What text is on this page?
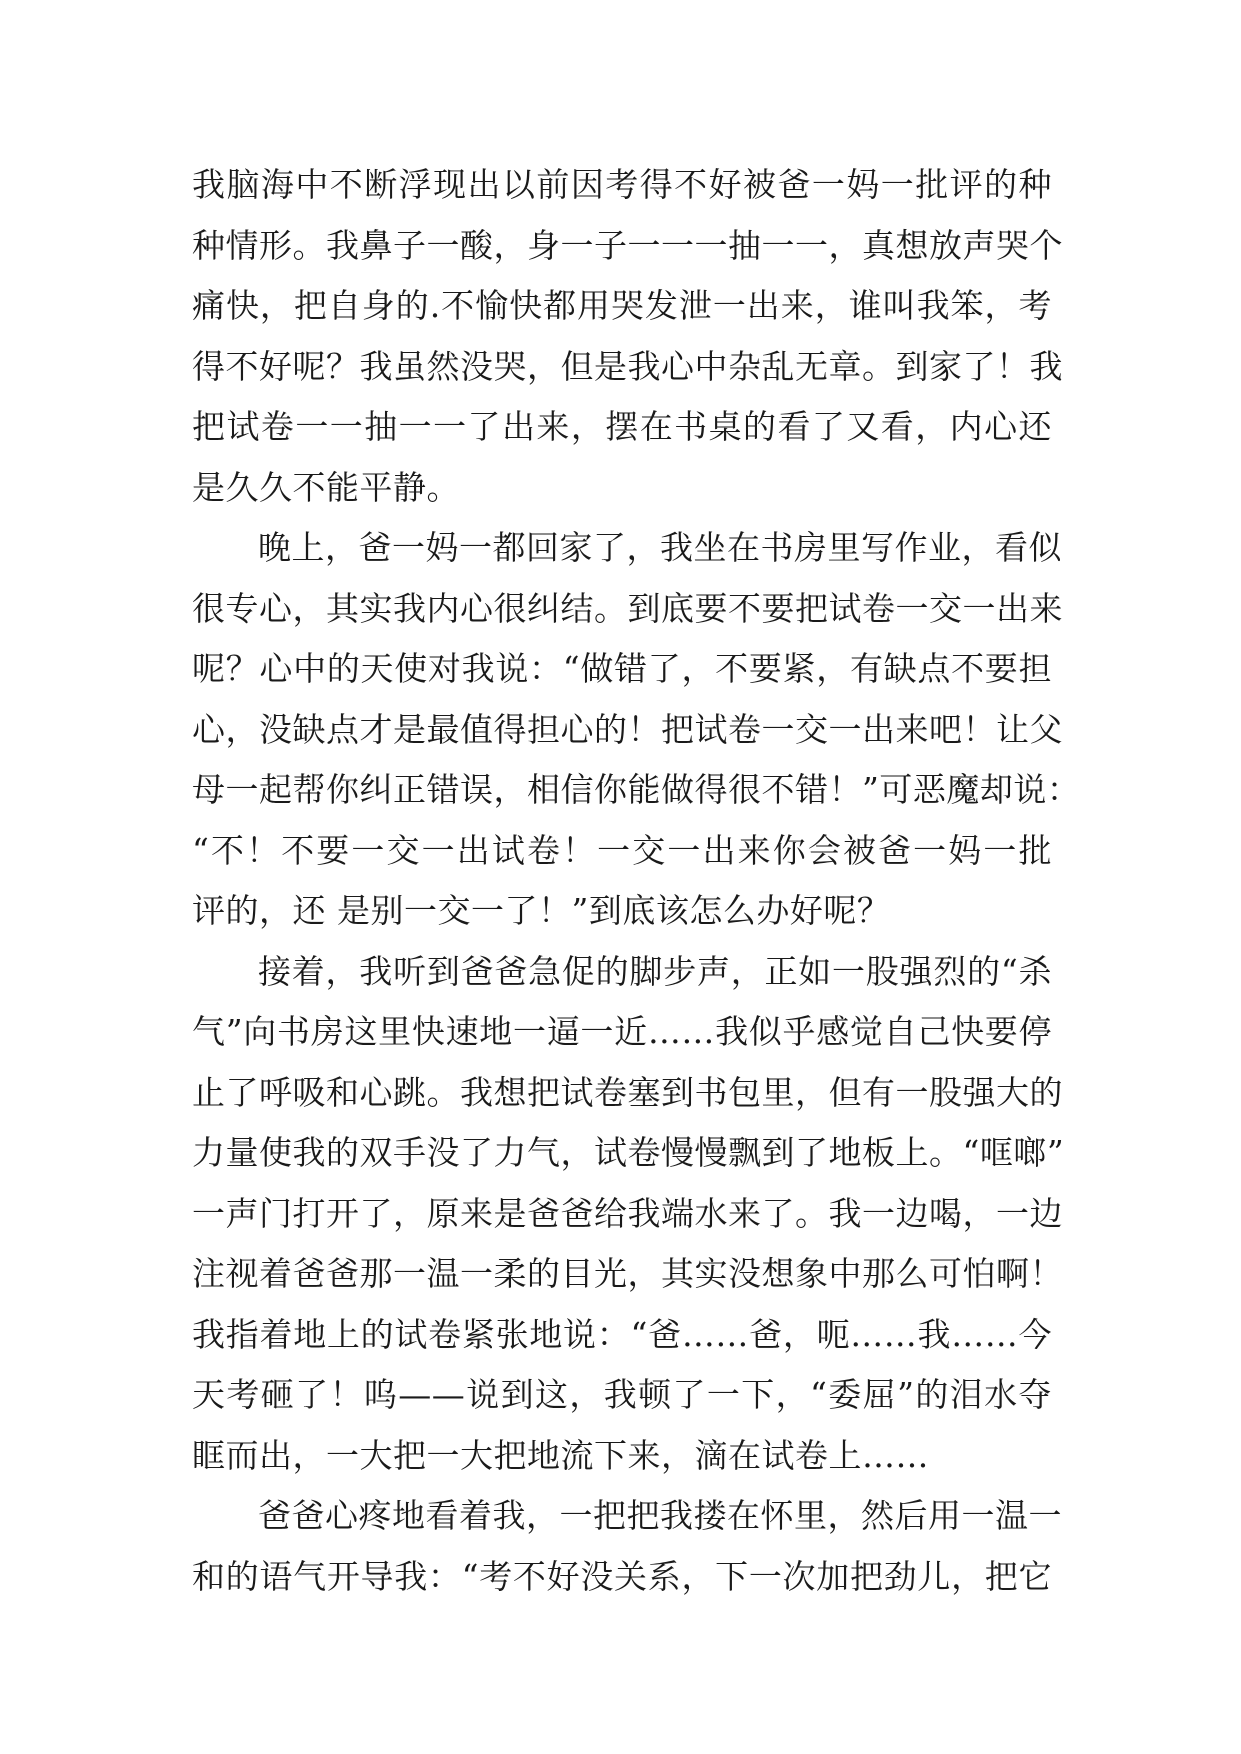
我脑海中不断浮现出以前因考得不好被爸一妈一批评的种
种情形。我鼻子一酸，身一子一一一抽一一，真想放声哭个
痛快，把自身的.不愉快都用哭发泄一出来，谁叫我笨，考
得不好呢？我虽然没哭，但是我心中杂乱无章。到家了！我
把试卷一一抽一一了出来，摆在书桌的看了又看，内心还
是久久不能平静。
晚上，爸一妈一都回家了，我坐在书房里写作业，看似
很专心，其实我内心很纠结。到底要不要把试卷一交一出来
呢？心中的天使对我说：“做错了，不要紧，有缺点不要担
心，没缺点才是最值得担心的！把试卷一交一出来吧！让父
母一起帮你纠正错误，相信你能做得很不错！”可恶魔却说：
“不！不要一交一出试卷！一交一出来你会被爸一妈一批
评的，还 是别一交一了！”到底该怎么办好呢？
接着，我听到爸爸急促的脚步声，正如一股强烈的“杀
气”向书房这里快速地一逼一近……我似乎感觉自己快要停
止了呼吸和心跳。我想把试卷塞到书包里，但有一股强大的
力量使我的双手没了力气，试卷慢慢飘到了地板上。“哐啷”
一声门打开了，原来是爸爸给我端水来了。我一边喝，一边
注视着爸爸那一温一柔的目光，其实没想象中那么可怕啊！
我指着地上的试卷紧张地说：“爸……爸，呃……我……今
天考砸了！呜——说到这，我顿了一下，“委屈”的泪水夺
眶而出，一大把一大把地流下来，滴在试卷上……
爸爸心疼地看着我，一把把我搂在怀里，然后用一温一
和的语气开导我：“考不好没关系，下一次加把劲儿，把它
